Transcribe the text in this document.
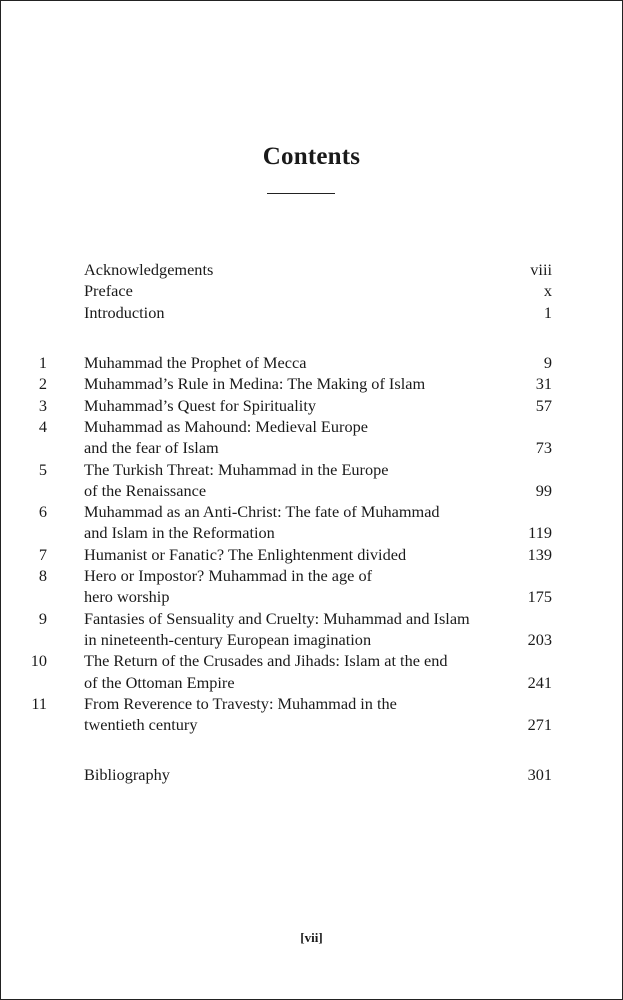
Contents
Acknowledgements	viii
Preface	x
Introduction	1
1 Muhammad the Prophet of Mecca	9
2 Muhammad’s Rule in Medina: The Making of Islam	31
3 Muhammad’s Quest for Spirituality	57
4 Muhammad as Mahound: Medieval Europe
and the fear of Islam	73
5 The Turkish Threat: Muhammad in the Europe
of the Renaissance	99
6 Muhammad as an Anti-Christ: The fate of Muhammad
and Islam in the Reformation	119
7 Humanist or Fanatic? The Enlightenment divided	139
8 Hero or Impostor? Muhammad in the age of
hero worship	175
9 Fantasies of Sensuality and Cruelty: Muhammad and Islam
in nineteenth-century European imagination	203
10 The Return of the Crusades and Jihads: Islam at the end
of the Ottoman Empire	241
11 From Reverence to Travesty: Muhammad in the
twentieth century	271
Bibliography	301
[vii]
